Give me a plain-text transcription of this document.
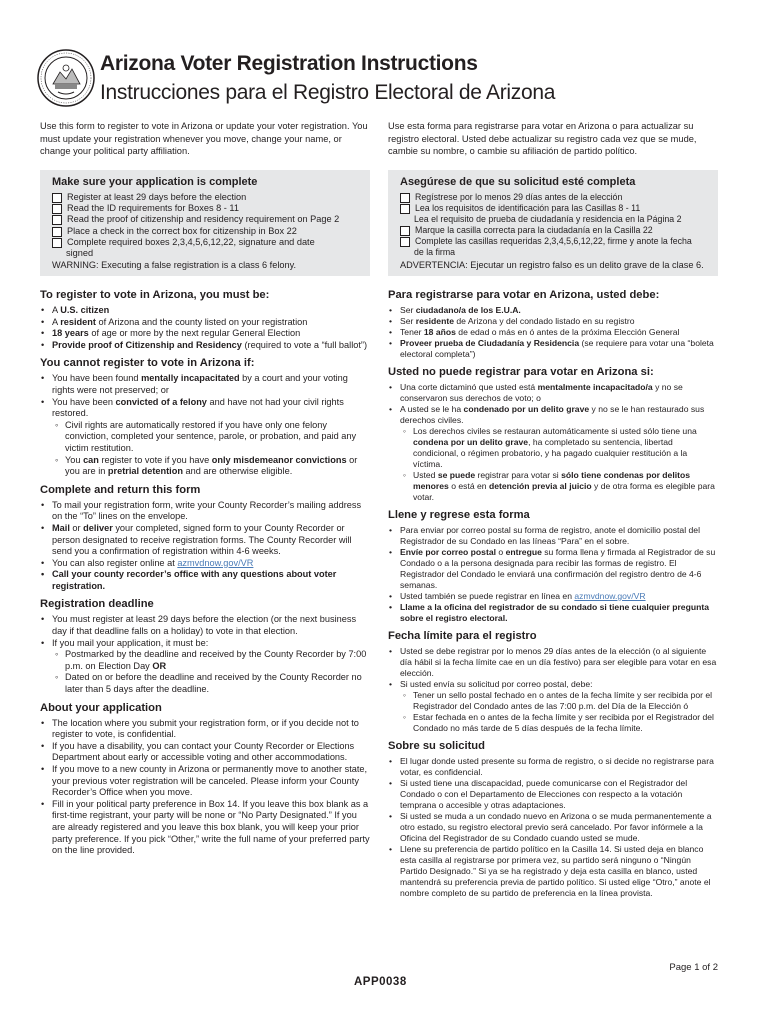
Arizona Voter Registration Instructions
Instrucciones para el Registro Electoral de Arizona

Use this form to register to vote in Arizona or update your voter registration. You must update your registration whenever you move, change your name, or change your political party affiliation.

Make sure your application is complete
Register at least 29 days before the election
Read the ID requirements for Boxes 8 - 11
Read the proof of citizenship and residency requirement on Page 2
Place a check in the correct box for citizenship in Box 22
Complete required boxes 2,3,4,5,6,12,22, signature and date
signed
WARNING: Executing a false registration is a class 6 felony.
To register to vote in Arizona, you must be:
• A U.S. citizen
• A resident of Arizona and the county listed on your registration
• 18 years of age or more by the next regular General Election
• Provide proof of Citizenship and Residency (required to vote a “full ballot”)
You cannot register to vote in Arizona if:
• You have been found mentally incapacitated by a court and your voting rights were not preserved; or
• You have been convicted of a felony and have not had your civil rights restored.
◦ Civil rights are automatically restored if you have only one felony conviction, completed your sentence, parole, or probation, and paid any victim restitution.
◦ You can register to vote if you have only misdemeanor convictions or you are in pretrial detention and are otherwise eligible.
Complete and return this form
• To mail your registration form, write your County Recorder’s mailing address on the “To” lines on the envelope.
• Mail or deliver your completed, signed form to your County Recorder or person designated to receive registration forms. The County Recorder will send you a confirmation of registration within 4-6 weeks.
• You can also register online at azmvdnow.gov/VR
• Call your county recorder’s office with any questions about voter registration.
Registration deadline
• You must register at least 29 days before the election (or the next business day if that deadline falls on a holiday) to vote in that election.
• If you mail your application, it must be:
◦ Postmarked by the deadline and received by the County Recorder by 7:00 p.m. on Election Day OR
◦ Dated on or before the deadline and received by the County Recorder no later than 5 days after the deadline.
About your application
• The location where you submit your registration form, or if you decide not to register to vote, is confidential.
• If you have a disability, you can contact your County Recorder or Elections Department about early or accessible voting and other accommodations.
• If you move to a new county in Arizona or permanently move to another state, your previous voter registration will be canceled. Please inform your County Recorder’s Office when you move.
• Fill in your political party preference in Box 14. If you leave this box blank as a first-time registrant, your party will be none or “No Party Designated.” If you are already registered and you leave this box blank, you will keep your prior party preference. If you pick “Other,” write the full name of your preferred party on the line provided.

Use esta forma para registrarse para votar en Arizona o para actualizar su registro electoral. Usted debe actualizar su registro cada vez que se mude, cambie su nombre, o cambie su afiliación de partido político.

Asegúrese de que su solicitud esté completa
Regístrese por lo menos 29 días antes de la elección
Lea los requisitos de identificación para las Casillas 8 - 11
Lea el requisito de prueba de ciudadanía y residencia en la Página 2
Marque la casilla correcta para la ciudadanía en la Casilla 22
Complete las casillas requeridas 2,3,4,5,6,12,22, firme y anote la fecha
de la firma
ADVERTENCIA: Ejecutar un registro falso es un delito grave de la clase 6.
Para registrarse para votar en Arizona, usted debe:
• Ser ciudadano/a de los E.U.A.
• Ser residente de Arizona y del condado listado en su registro
• Tener 18 años de edad o más en ó antes de la próxima Elección General
• Proveer prueba de Ciudadanía y Residencia (se requiere para votar una “boleta electoral completa”)
Usted no puede registrar para votar en Arizona si:
• Una corte dictaminó que usted está mentalmente incapacitado/a y no se conservaron sus derechos de voto; o
• A usted se le ha condenado por un delito grave y no se le han restaurado sus derechos civiles.
◦ Los derechos civiles se restauran automáticamente si usted sólo tiene una condena por un delito grave, ha completado su sentencia, libertad condicional, o régimen probatorio, y ha pagado cualquier restitución a la víctima.
◦ Usted se puede registrar para votar si sólo tiene condenas por delitos menores o está en detención previa al juicio y de otra forma es elegible para votar.
Llene y regrese esta forma
• Para enviar por correo postal su forma de registro, anote el domicilio postal del Registrador de su Condado en las líneas “Para” en el sobre.
• Envíe por correo postal o entregue su forma llena y firmada al Registrador de su Condado o a la persona designada para recibir las formas de registro. El Registrador del Condado le enviará una confirmación del registro dentro de 4-6 semanas.
• Usted también se puede registrar en línea en azmvdnow.gov/VR
• Llame a la oficina del registrador de su condado si tiene cualquier pregunta sobre el registro electoral.
Fecha límite para el registro
• Usted se debe registrar por lo menos 29 días antes de la elección (o al siguiente día hábil si la fecha límite cae en un día festivo) para ser elegible para votar en esa elección.
• Si usted envía su solicitud por correo postal, debe:
◦ Tener un sello postal fechado en o antes de la fecha límite y ser recibida por el Registrador del Condado antes de las 7:00 p.m. del Día de la Elección ó
◦ Estar fechada en o antes de la fecha límite y ser recibida por el Registrador del Condado no más tarde de 5 días después de la fecha límite.
Sobre su solicitud
• El lugar donde usted presente su forma de registro, o si decide no registrarse para votar, es confidencial.
• Si usted tiene una discapacidad, puede comunicarse con el Registrador del Condado o con el Departamento de Elecciones con respecto a la votación temprana o accesible y otras adaptaciones.
• Si usted se muda a un condado nuevo en Arizona o se muda permanentemente a otro estado, su registro electoral previo será cancelado. Por favor infórmele a la Oficina del Registrador de su Condado cuando usted se mude.
• Llene su preferencia de partido político en la Casilla 14. Si usted deja en blanco esta casilla al registrarse por primera vez, su partido será ninguno o “Ningún Partido Designado.” Si ya se ha registrado y deja esta casilla en blanco, usted mantendrá su preferencia previa de partido político. Si usted elige “Otro,” anote el nombre completo de su partido de preferencia en la línea provista.
Page 1 of 2
APP0038
